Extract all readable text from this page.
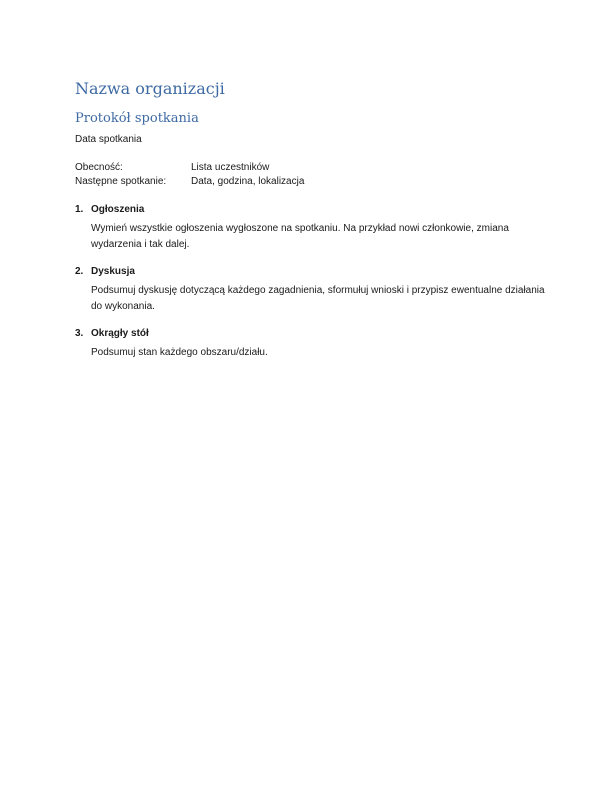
Nazwa organizacji
Protokół spotkania
Data spotkania
Obecność:	Lista uczestników
Następne spotkanie:	Data, godzina, lokalizacja
1. Ogłoszenia
Wymień wszystkie ogłoszenia wygłoszone na spotkaniu. Na przykład nowi członkowie, zmiana wydarzenia i tak dalej.
2. Dyskusja
Podsumuj dyskusję dotyczącą każdego zagadnienia, sformułuj wnioski i przypisz ewentualne działania do wykonania.
3. Okrągły stół
Podsumuj stan każdego obszaru/działu.
